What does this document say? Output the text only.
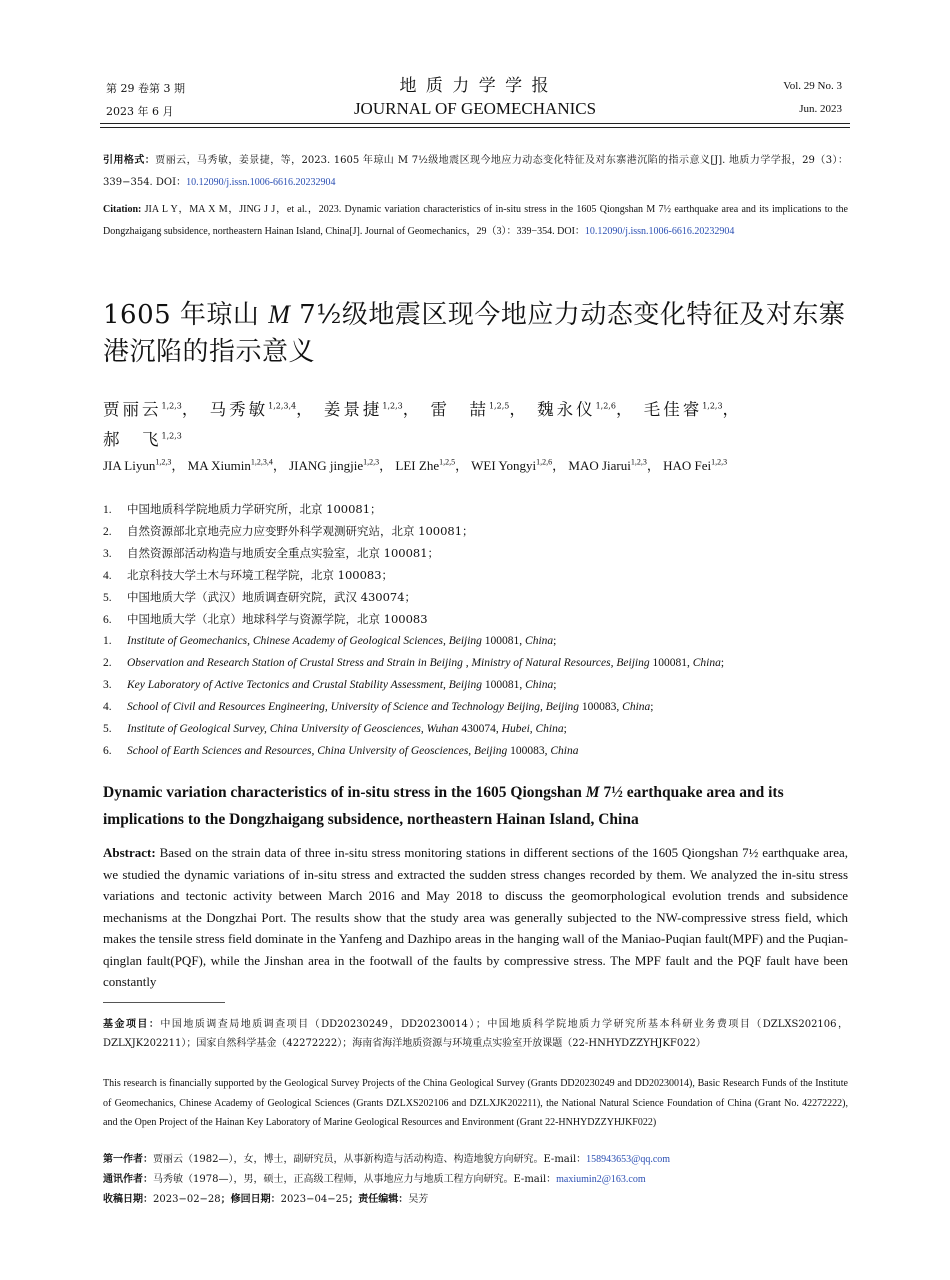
第 29 卷第 3 期
2023 年 6 月
地 质 力 学 学 报
JOURNAL OF GEOMECHANICS
Vol. 29 No. 3
Jun. 2023
引用格式：贾丽云，马秀敏，姜景捷，等，2023. 1605 年琼山 M 7½级地震区现今地应力动态变化特征及对东寨港沉陷的指示意义[J]. 地质力学学报，29（3）：339−354. DOI：10.12090/j.issn.1006-6616.20232904
Citation: JIA L Y，MA X M，JING J J，et al.，2023. Dynamic variation characteristics of in-situ stress in the 1605 Qiongshan M 7½ earthquake area and its implications to the Dongzhaigang subsidence, northeastern Hainan Island, China[J]. Journal of Geomechanics，29（3）：339−354. DOI：10.12090/j.issn.1006-6616.20232904
1605 年琼山 M 7½级地震区现今地应力动态变化特征及对东寨港沉陷的指示意义
贾丽云$^{1,2,3}$， 马秀敏$^{1,2,3,4}$， 姜景捷$^{1,2,3}$， 雷　喆$^{1,2,5}$， 魏永仪$^{1,2,6}$， 毛佳睿$^{1,2,3}$，
郝　飞$^{1,2,3}$
JIA Liyun$^{1,2,3}$， MA Xiumin$^{1,2,3,4}$， JIANG jingjie$^{1,2,3}$， LEI Zhe$^{1,2,5}$， WEI Yongyi$^{1,2,6}$， MAO Jiarui$^{1,2,3}$， HAO Fei$^{1,2,3}$
1. 中国地质科学院地质力学研究所，北京 100081；
2. 自然资源部北京地壳应力应变野外科学观测研究站，北京 100081；
3. 自然资源部活动构造与地质安全重点实验室，北京 100081；
4. 北京科技大学土木与环境工程学院，北京 100083；
5. 中国地质大学（武汉）地质调查研究院，武汉 430074；
6. 中国地质大学（北京）地球科学与资源学院，北京 100083
1. Institute of Geomechanics, Chinese Academy of Geological Sciences, Beijing 100081, China;
2. Observation and Research Station of Crustal Stress and Strain in Beijing , Ministry of Natural Resources, Beijing 100081, China;
3. Key Laboratory of Active Tectonics and Crustal Stability Assessment, Beijing 100081, China;
4. School of Civil and Resources Engineering, University of Science and Technology Beijing, Beijing 100083, China;
5. Institute of Geological Survey, China University of Geosciences, Wuhan 430074, Hubei, China;
6. School of Earth Sciences and Resources, China University of Geosciences, Beijing 100083, China
Dynamic variation characteristics of in-situ stress in the 1605 Qiongshan M 7½ earthquake area and its implications to the Dongzhaigang subsidence, northeastern Hainan Island, China
Abstract: Based on the strain data of three in-situ stress monitoring stations in different sections of the 1605 Qiongshan 7½ earthquake area, we studied the dynamic variations of in-situ stress and extracted the sudden stress changes recorded by them. We analyzed the in-situ stress variations and tectonic activity between March 2016 and May 2018 to discuss the geomorphological evolution trends and subsidence mechanisms at the Dongzhai Port. The results show that the study area was generally subjected to the NW-compressive stress field, which makes the tensile stress field dominate in the Yanfeng and Dazhipo areas in the hanging wall of the Maniao-Puqian fault(MPF) and the Puqian-qinglan fault(PQF), while the Jinshan area in the footwall of the faults by compressive stress. The MPF fault and the PQF fault have been constantly
基金项目：中国地质调查局地质调查项目（DD20230249，DD20230014）；中国地质科学院地质力学研究所基本科研业务费项目（DZLXS202106，DZLXJK202211）；国家自然科学基金（42272222）；海南省海洋地质资源与环境重点实验室开放课题（22-HNHYDZZYHJKF022）
This research is financially supported by the Geological Survey Projects of the China Geological Survey (Grants DD20230249 and DD20230014), Basic Research Funds of the Institute of Geomechanics, Chinese Academy of Geological Sciences (Grants DZLXS202106 and DZLXJK202211), the National Natural Science Foundation of China (Grant No. 42272222), and the Open Project of the Hainan Key Laboratory of Marine Geological Resources and Environment (Grant 22-HNHYDZZYHJKF022)
第一作者：贾丽云（1982—），女，博士，副研究员，从事新构造与活动构造、构造地貌方向研究。E-mail：158943653@qq.com
通讯作者：马秀敏（1978—），男，硕士，正高级工程师，从事地应力与地质工程方向研究。E-mail：maxiumin2@163.com
收稿日期：2023−02−28；修回日期：2023−04−25；责任编辑：吴芳
